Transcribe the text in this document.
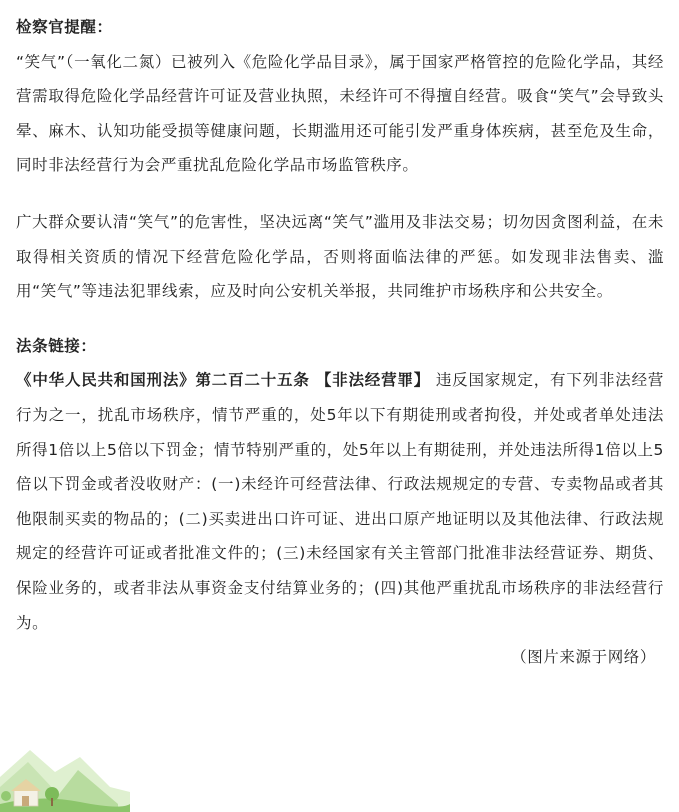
检察官提醒：

“笑气”（一氧化二氮）已被列入《危险化学品目录》，属于国家严格管控的危险化学品，其经营需取得危险化学品经营许可证及营业执照，未经许可不得擅自经营。吸食“笑气”会导致头晕、麻木、认知功能受损等健康问题，长期滥用还可能引发严重身体疾病，甚至危及生命，同时非法经营行为会严重扰乱危险化学品市场监管秩序。

广大群众要认清“笑气”的危害性，坚决远离“笑气”滥用及非法交易；切勿因贪图利益，在未取得相关资质的情况下经营危险化学品，否则将面临法律的严惩。如发现非法售卖、滥用“笑气”等违法犯罪线索，应及时向公安机关举报，共同维护市场秩序和公共安全。

法条链接：

《中华人民共和国刑法》第二百二十五条 【非法经营罪】 违反国家规定，有下列非法经营行为之一，扰乱市场秩序，情节严重的，处5年以下有期徒刑或者拘役，并处或者单处违法所得1倍以上5倍以下罚金；情节特别严重的，处5年以上有期徒刑，并处违法所得1倍以上5倍以下罚金或者没收财产：(一)未经许可经营法律、行政法规规定的专营、专卖物品或者其他限制买卖的物品的；(二)买卖进出口许可证、进出口原产地证明以及其他法律、行政法规规定的经营许可证或者批准文件的；(三)未经国家有关主管部门批准非法经营证券、期货、保险业务的，或者非法从事资金支付结算业务的；(四)其他严重扰乱市场秩序的非法经营行为。

（图片来源于网络）
